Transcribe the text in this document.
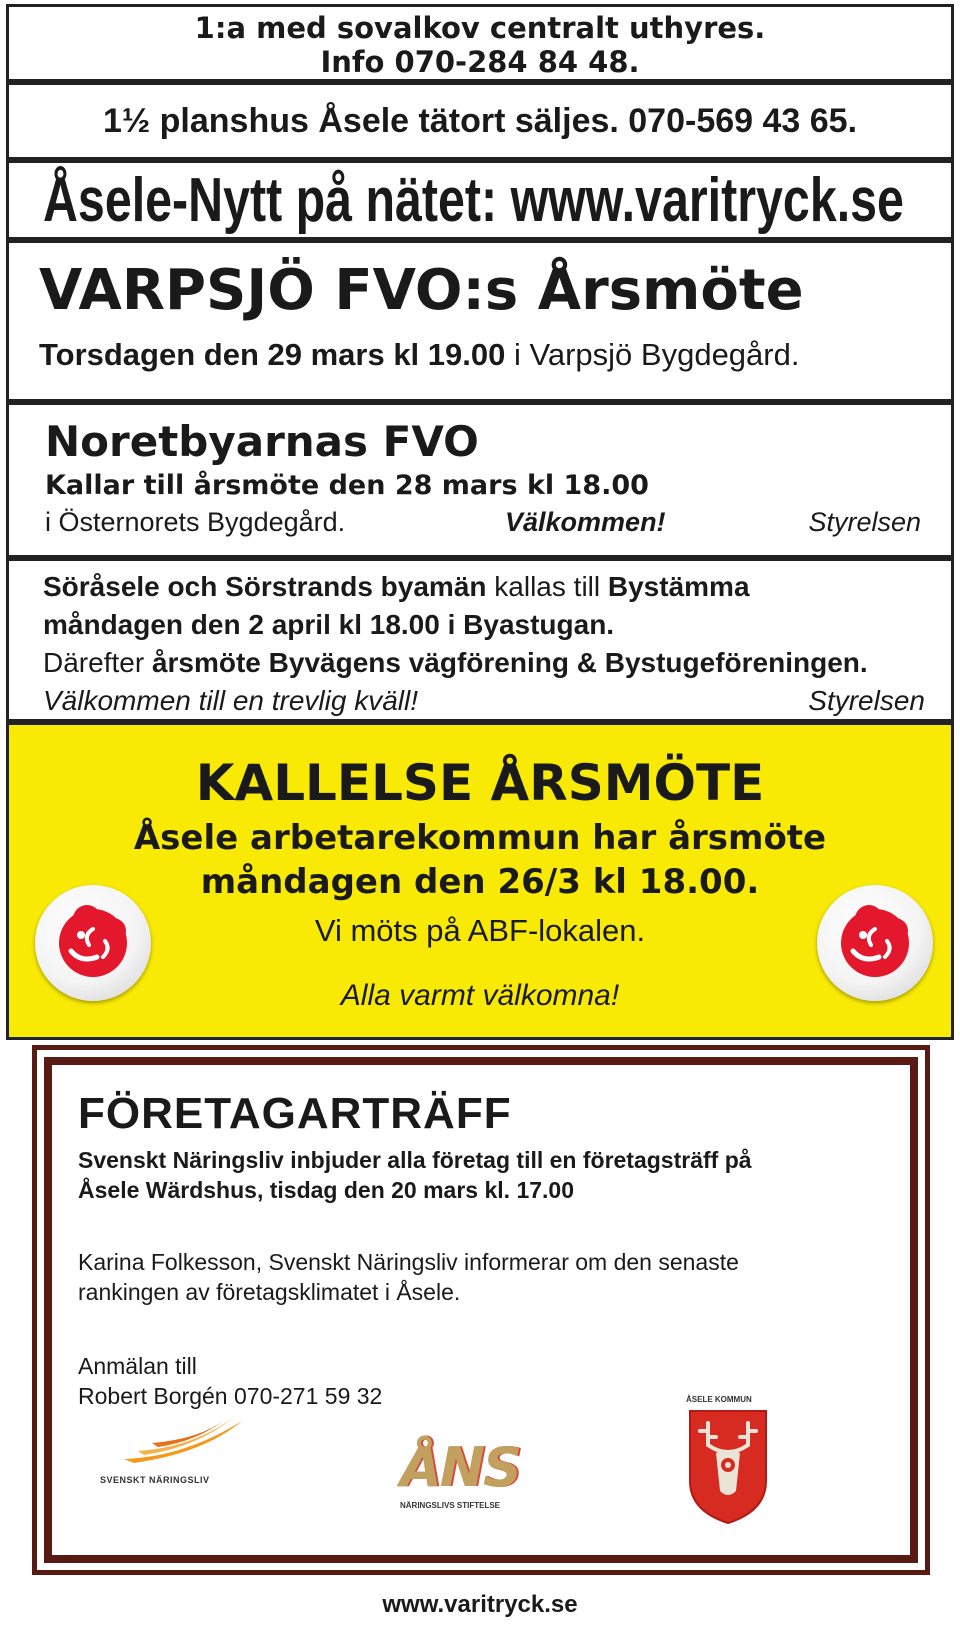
1:a med sovalkov centralt uthyres.
Info 070-284 84 48.
1½ planshus Åsele tätort säljes. 070-569 43 65.
Åsele-Nytt på nätet: www.varitryck.se
VARPSJÖ FVO:s Årsmöte
Torsdagen den 29 mars kl 19.00 i Varpsjö Bygdegård.
Noretbyarnas FVO
Kallar till årsmöte den 28 mars kl 18.00
i Östernorets Bygdegård.	Välkommen!	Styrelsen
Söråsele och Sörstrands byamän kallas till Bystämma
måndagen den 2 april kl 18.00 i Byastugan.
Därefter årsmöte Byvägens vägförening & Bystugeföreningen.
Välkommen till en trevlig kväll!	Styrelsen
KALLELSE ÅRSMÖTE
Åsele arbetarekommun har årsmöte
måndagen den 26/3 kl 18.00.
Vi möts på ABF-lokalen.
Alla varmt välkomna!
FÖRETAGARTRÄFF
Svenskt Näringsliv inbjuder alla företag till en företagsträff på
Åsele Wärdshus, tisdag den 20 mars kl. 17.00
Karina Folkesson, Svenskt Näringsliv informerar om den senaste
rankingen av företagsklimatet i Åsele.
Anmälan till
Robert Borgén 070-271 59 32
SVENSKT NÄRINGSLIV	ÅNS
NÄRINGSLIVS STIFTELSE
ÅSELE KOMMUN
www.varitryck.se
